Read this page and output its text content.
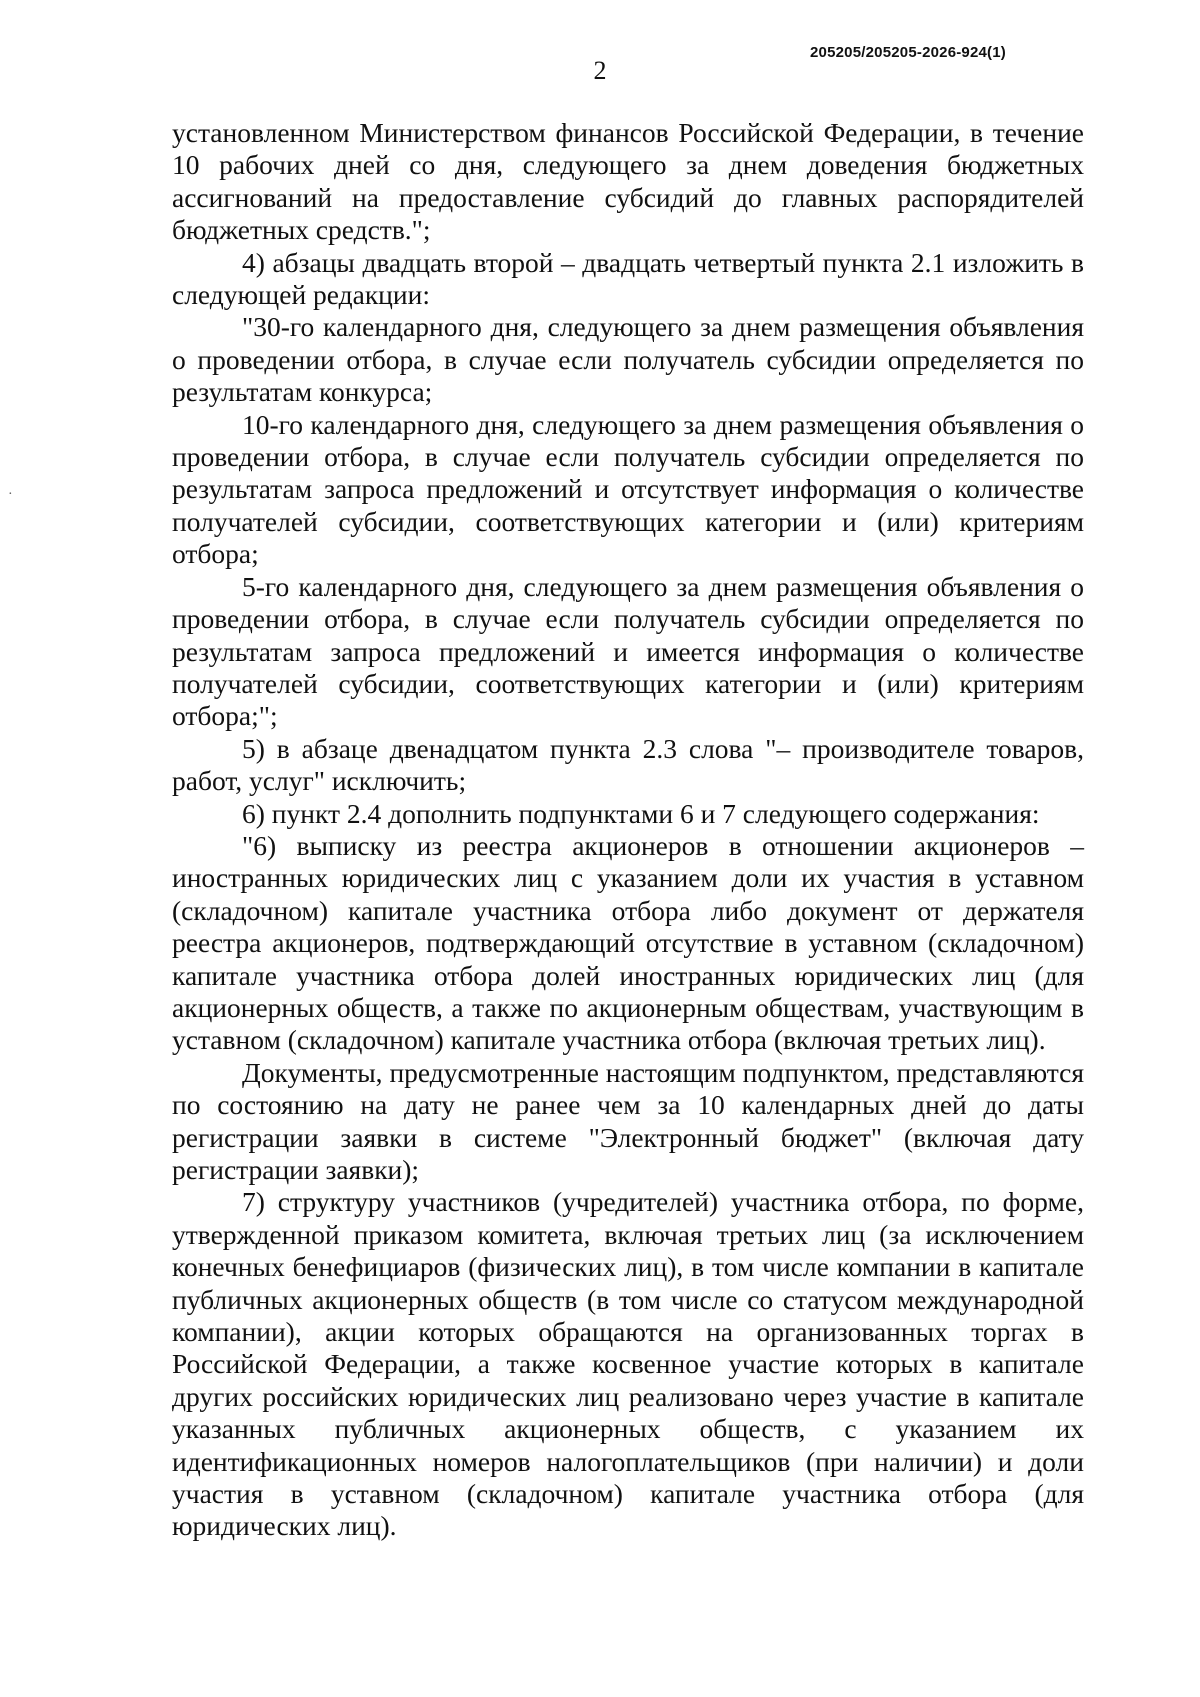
2
205205/205205-2026-924(1)
·

установленном Министерством финансов Российской Федерации, в течение 10 рабочих дней со дня, следующего за днем доведения бюджетных ассигнований на предоставление субсидий до главных распорядителей бюджетных средств.";

4) абзацы двадцать второй – двадцать четвертый пункта 2.1 изложить в следующей редакции:

"30-го календарного дня, следующего за днем размещения объявления о проведении отбора, в случае если получатель субсидии определяется по результатам конкурса;

10-го календарного дня, следующего за днем размещения объявления о проведении отбора, в случае если получатель субсидии определяется по результатам запроса предложений и отсутствует информация о количестве получателей субсидии, соответствующих категории и (или) критериям отбора;

5-го календарного дня, следующего за днем размещения объявления о проведении отбора, в случае если получатель субсидии определяется по результатам запроса предложений и имеется информация о количестве получателей субсидии, соответствующих категории и (или) критериям отбора;";

5) в абзаце двенадцатом пункта 2.3 слова "– производителе товаров, работ, услуг" исключить;

6) пункт 2.4 дополнить подпунктами 6 и 7 следующего содержания:

"6) выписку из реестра акционеров в отношении акционеров – иностранных юридических лиц с указанием доли их участия в уставном (складочном) капитале участника отбора либо документ от держателя реестра акционеров, подтверждающий отсутствие в уставном (складочном) капитале участника отбора долей иностранных юридических лиц (для акционерных обществ, а также по акционерным обществам, участвующим в уставном (складочном) капитале участника отбора (включая третьих лиц).

Документы, предусмотренные настоящим подпунктом, представляются по состоянию на дату не ранее чем за 10 календарных дней до даты регистрации заявки в системе "Электронный бюджет" (включая дату регистрации заявки);

7) структуру участников (учредителей) участника отбора, по форме, утвержденной приказом комитета, включая третьих лиц (за исключением конечных бенефициаров (физических лиц), в том числе компании в капитале публичных акционерных обществ (в том числе со статусом международной компании), акции которых обращаются на организованных торгах в Российской Федерации, а также косвенное участие которых в капитале других российских юридических лиц реализовано через участие в капитале указанных публичных акционерных обществ, с указанием их идентификационных номеров налогоплательщиков (при наличии) и доли участия в уставном (складочном) капитале участника отбора (для юридических лиц).
